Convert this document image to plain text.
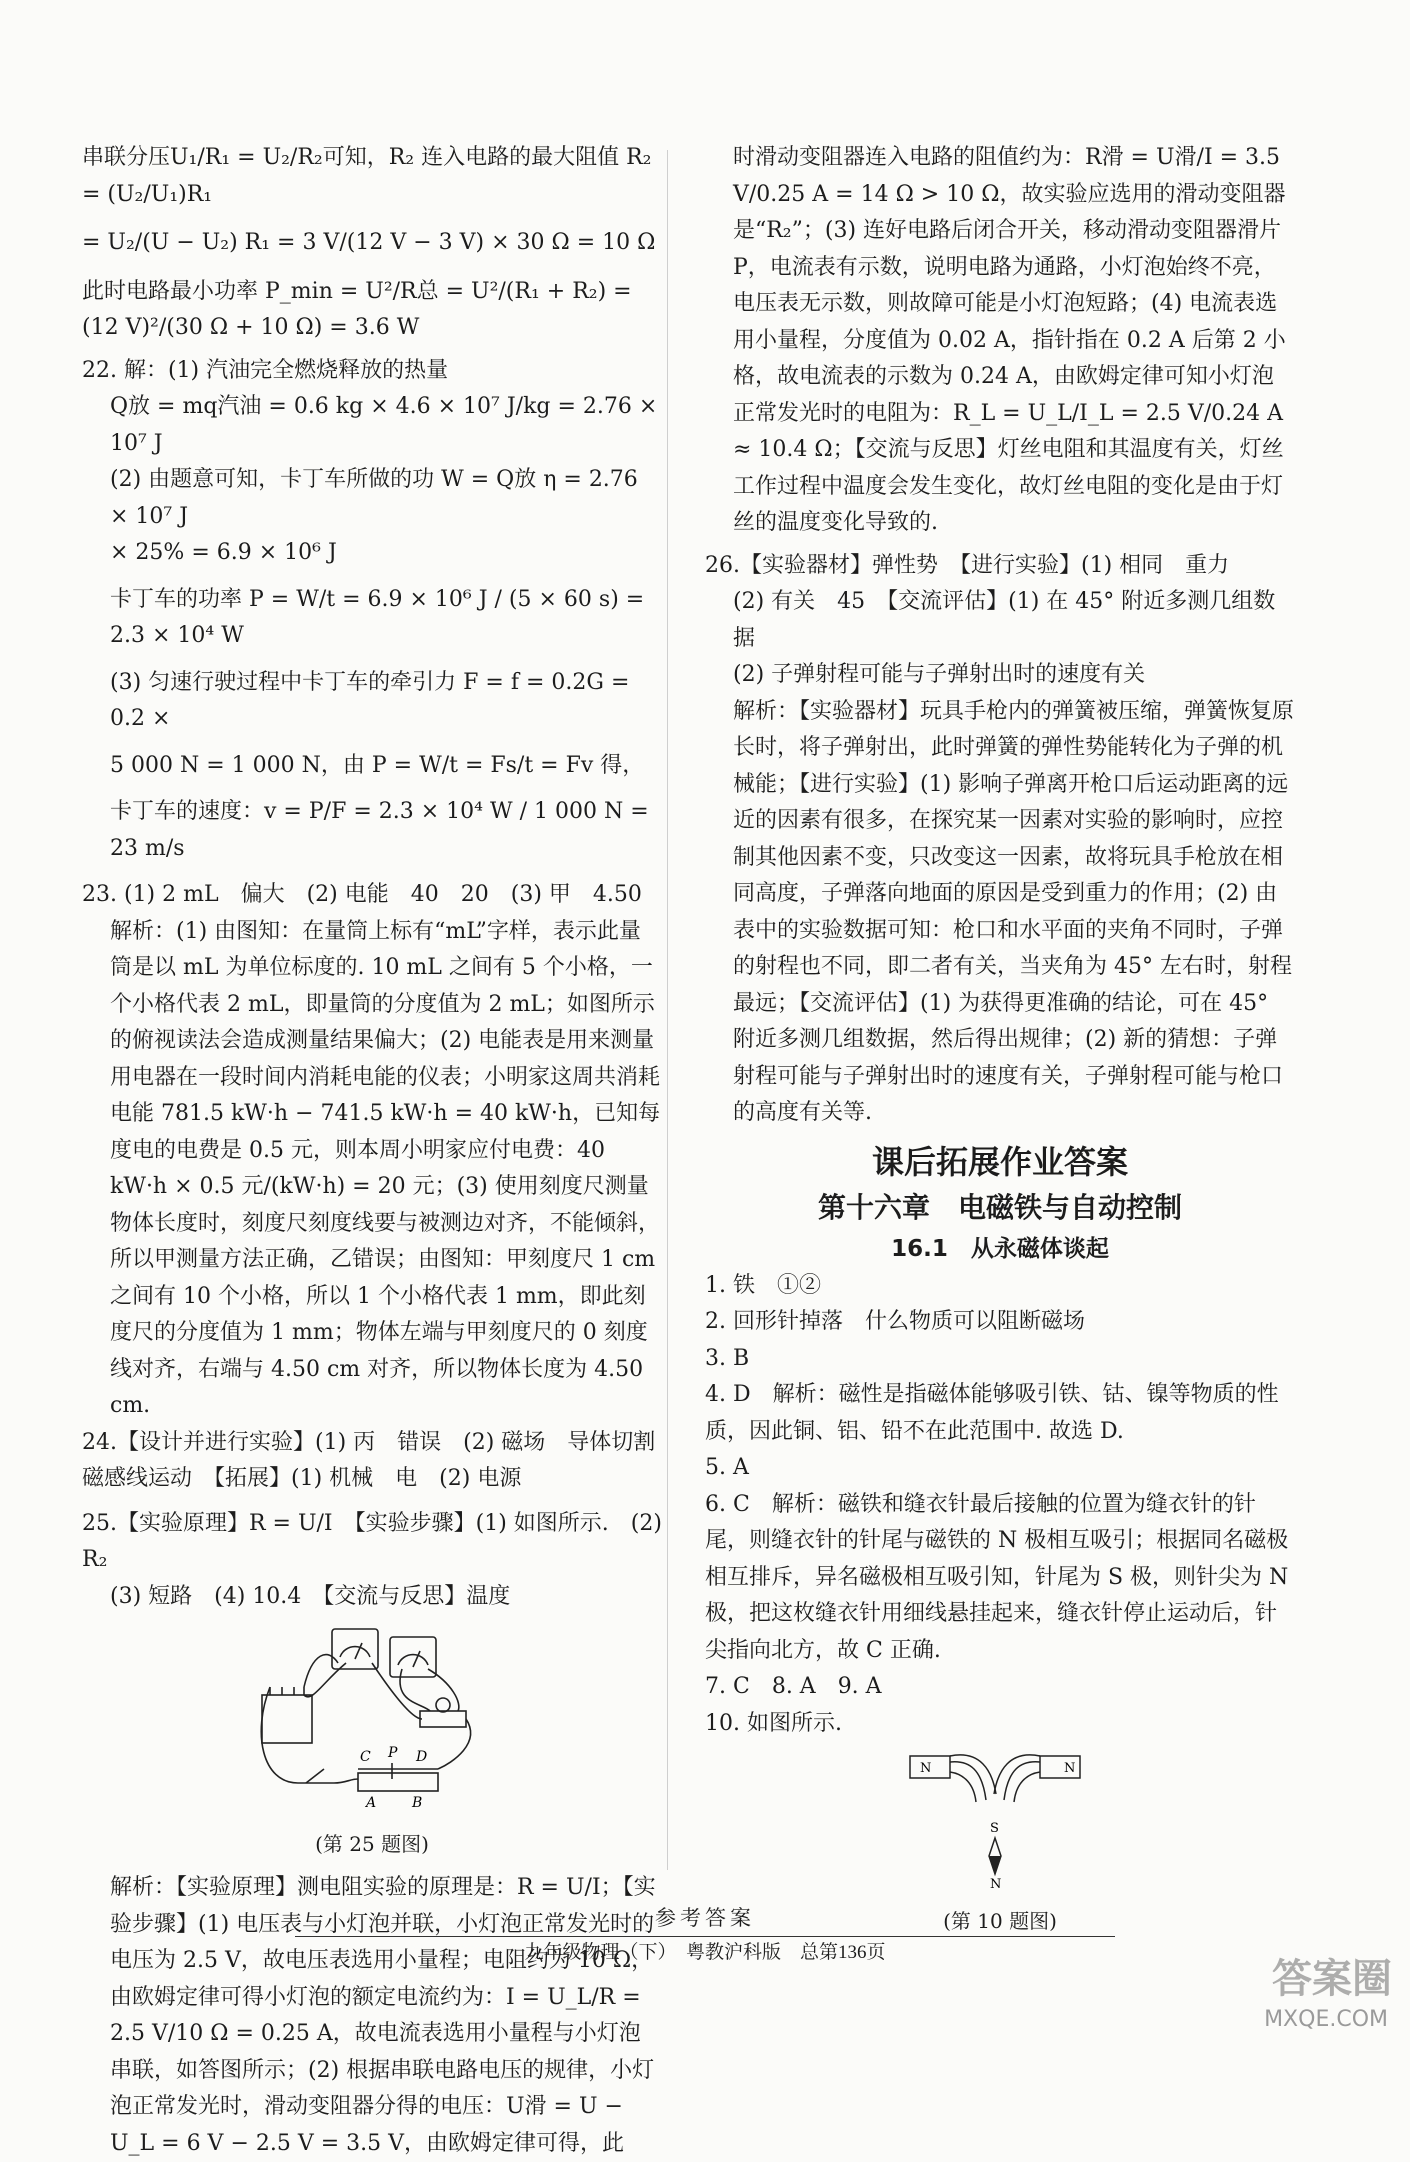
串联分压U₁/R₁ = U₂/R₂可知，R₂ 连入电路的最大阻值 R₂ = (U₂/U₁)R₁

= U₂/(U − U₂) R₁ = 3 V/(12 V − 3 V) × 30 Ω = 10 Ω

此时电路最小功率 P_min = U²/R总 = U²/(R₁ + R₂) = (12 V)²/(30 Ω + 10 Ω) = 3.6 W

22. 解：(1) 汽油完全燃烧释放的热量

Q放 = mq汽油 = 0.6 kg × 4.6 × 10⁷ J/kg = 2.76 × 10⁷ J

(2) 由题意可知，卡丁车所做的功 W = Q放 η = 2.76 × 10⁷ J

× 25% = 6.9 × 10⁶ J

卡丁车的功率 P = W/t = 6.9 × 10⁶ J / (5 × 60 s) = 2.3 × 10⁴ W

(3) 匀速行驶过程中卡丁车的牵引力 F = f = 0.2G = 0.2 ×

5 000 N = 1 000 N，由 P = W/t = Fs/t = Fv 得，

卡丁车的速度：v = P/F = 2.3 × 10⁴ W / 1 000 N = 23 m/s

23. (1) 2 mL　偏大　(2) 电能　40　20　(3) 甲　4.50

解析：(1) 由图知：在量筒上标有“mL”字样，表示此量筒是以 mL 为单位标度的. 10 mL 之间有 5 个小格，一个小格代表 2 mL，即量筒的分度值为 2 mL；如图所示的俯视读法会造成测量结果偏大；(2) 电能表是用来测量用电器在一段时间内消耗电能的仪表；小明家这周共消耗电能 781.5 kW·h − 741.5 kW·h = 40 kW·h，已知每度电的电费是 0.5 元，则本周小明家应付电费：40 kW·h × 0.5 元/(kW·h) = 20 元；(3) 使用刻度尺测量物体长度时，刻度尺刻度线要与被测边对齐，不能倾斜，所以甲测量方法正确，乙错误；由图知：甲刻度尺 1 cm 之间有 10 个小格，所以 1 个小格代表 1 mm，即此刻度尺的分度值为 1 mm；物体左端与甲刻度尺的 0 刻度线对齐，右端与 4.50 cm 对齐，所以物体长度为 4.50 cm.

24.【设计并进行实验】(1) 丙　错误　(2) 磁场　导体切割磁感线运动　【拓展】(1) 机械　电　(2) 电源

25.【实验原理】R = U/I　【实验步骤】(1) 如图所示.　(2) R₂

(3) 短路　(4) 10.4　【交流与反思】温度

C P D
A	B
(第 25 题图)

解析：【实验原理】测电阻实验的原理是：R = U/I；【实验步骤】(1) 电压表与小灯泡并联，小灯泡正常发光时的电压为 2.5 V，故电压表选用小量程；电阻约为 10 Ω，由欧姆定律可得小灯泡的额定电流约为：I = U_L/R = 2.5 V/10 Ω = 0.25 A，故电流表选用小量程与小灯泡串联，如答图所示；(2) 根据串联电路电压的规律，小灯泡正常发光时，滑动变阻器分得的电压：U滑 = U − U_L = 6 V − 2.5 V = 3.5 V，由欧姆定律可得，此

时滑动变阻器连入电路的阻值约为：R滑 = U滑/I = 3.5 V/0.25 A = 14 Ω > 10 Ω，故实验应选用的滑动变阻器是“R₂”；(3) 连好电路后闭合开关，移动滑动变阻器滑片 P，电流表有示数，说明电路为通路，小灯泡始终不亮，电压表无示数，则故障可能是小灯泡短路；(4) 电流表选用小量程，分度值为 0.02 A，指针指在 0.2 A 后第 2 小格，故电流表的示数为 0.24 A，由欧姆定律可知小灯泡正常发光时的电阻为：R_L = U_L/I_L = 2.5 V/0.24 A ≈ 10.4 Ω；【交流与反思】灯丝电阻和其温度有关，灯丝工作过程中温度会发生变化，故灯丝电阻的变化是由于灯丝的温度变化导致的.

26.【实验器材】弹性势　【进行实验】(1) 相同　重力

(2) 有关　45　【交流评估】(1) 在 45° 附近多测几组数据

(2) 子弹射程可能与子弹射出时的速度有关

解析：【实验器材】玩具手枪内的弹簧被压缩，弹簧恢复原长时，将子弹射出，此时弹簧的弹性势能转化为子弹的机械能；【进行实验】(1) 影响子弹离开枪口后运动距离的远近的因素有很多，在探究某一因素对实验的影响时，应控制其他因素不变，只改变这一因素，故将玩具手枪放在相同高度，子弹落向地面的原因是受到重力的作用；(2) 由表中的实验数据可知：枪口和水平面的夹角不同时，子弹的射程也不同，即二者有关，当夹角为 45° 左右时，射程最远；【交流评估】(1) 为获得更准确的结论，可在 45° 附近多测几组数据，然后得出规律；(2) 新的猜想：子弹射程可能与子弹射出时的速度有关，子弹射程可能与枪口的高度有关等.

课后拓展作业答案
第十六章　电磁铁与自动控制
16.1　从永磁体谈起

1. 铁　①②

2. 回形针掉落　什么物质可以阻断磁场

3. B

4. D　解析：磁性是指磁体能够吸引铁、钴、镍等物质的性质，因此铜、铝、铅不在此范围中. 故选 D.

5. A

6. C　解析：磁铁和缝衣针最后接触的位置为缝衣针的针尾，则缝衣针的针尾与磁铁的 N 极相互吸引；根据同名磁极相互排斥，异名磁极相互吸引知，针尾为 S 极，则针尖为 N 极，把这枚缝衣针用细线悬挂起来，缝衣针停止运动后，针尖指向北方，故 C 正确.

7. C　8. A　9. A

10. 如图所示.

N	N
S
N
(第 10 题图)
参考答案
九年级物理（下）　粤教沪科版　总第136页
答案圈
MXQE.COM
